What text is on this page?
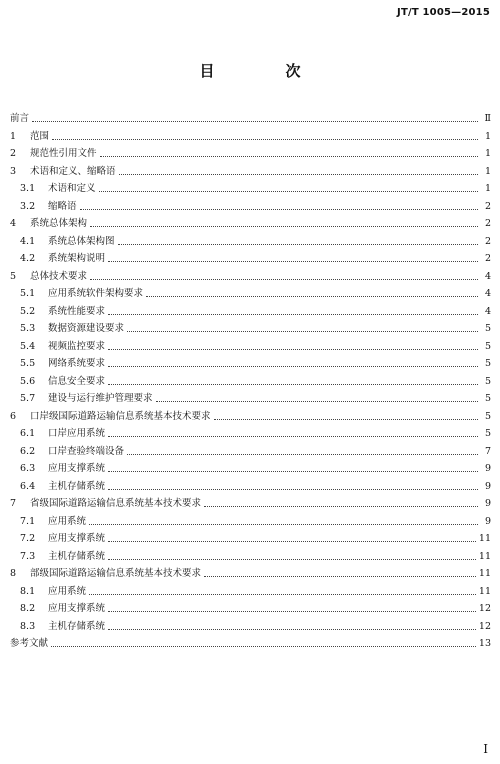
JT/T 1005—2015
目　次
前言	Ⅱ
1	范围	1
2	规范性引用文件	1
3	术语和定义、缩略语	1
3.1	术语和定义	1
3.2	缩略语	2
4	系统总体架构	2
4.1	系统总体架构图	2
4.2	系统架构说明	2
5	总体技术要求	4
5.1	应用系统软件架构要求	4
5.2	系统性能要求	4
5.3	数据资源建设要求	5
5.4	视频监控要求	5
5.5	网络系统要求	5
5.6	信息安全要求	5
5.7	建设与运行维护管理要求	5
6	口岸级国际道路运输信息系统基本技术要求	5
6.1	口岸应用系统	5
6.2	口岸查验终端设备	7
6.3	应用支撑系统	9
6.4	主机存储系统	9
7	省级国际道路运输信息系统基本技术要求	9
7.1	应用系统	9
7.2	应用支撑系统	11
7.3	主机存储系统	11
8	部级国际道路运输信息系统基本技术要求	11
8.1	应用系统	11
8.2	应用支撑系统	12
8.3	主机存储系统	12
参考文献	13
I
